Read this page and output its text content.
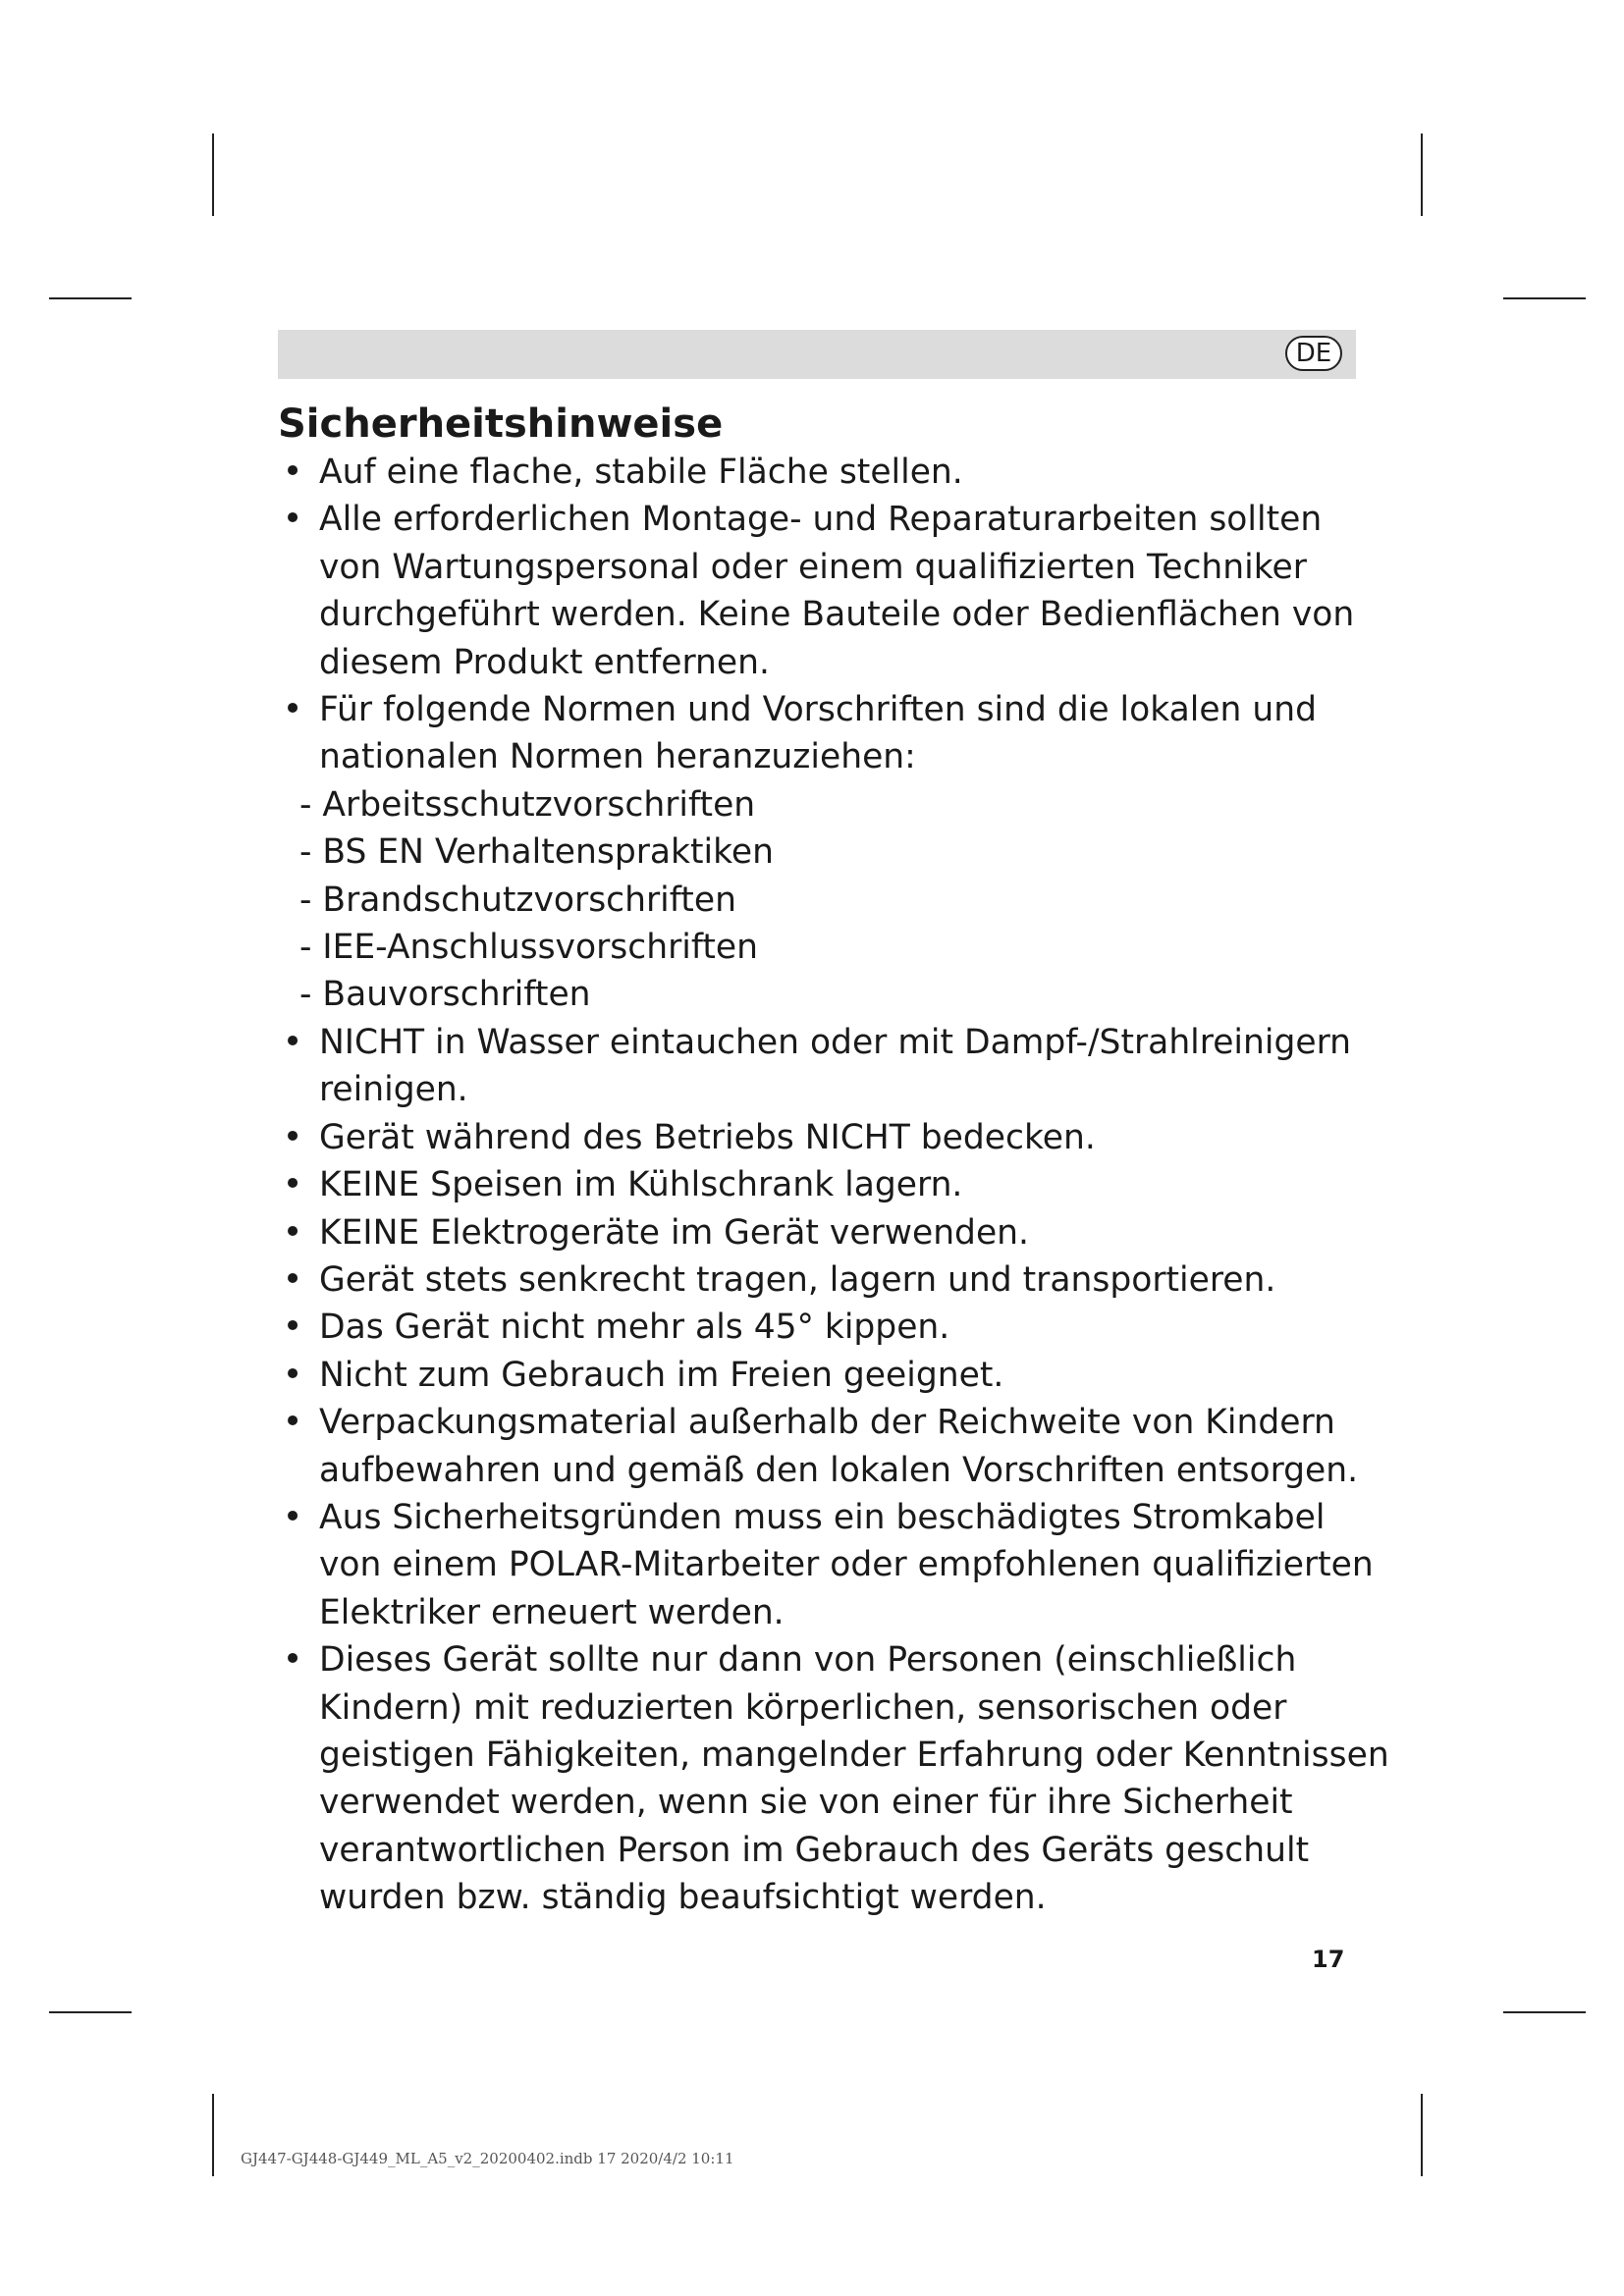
DE
Sicherheitshinweise
• Auf eine flache, stabile Fläche stellen.
• Alle erforderlichen Montage- und Reparaturarbeiten sollten
von Wartungspersonal oder einem qualifizierten Techniker
durchgeführt werden. Keine Bauteile oder Bedienflächen von
diesem Produkt entfernen.
• Für folgende Normen und Vorschriften sind die lokalen und
nationalen Normen heranzuziehen:
- Arbeitsschutzvorschriften
- BS EN Verhaltenspraktiken
- Brandschutzvorschriften
- IEE-Anschlussvorschriften
- Bauvorschriften
• NICHT in Wasser eintauchen oder mit Dampf-/Strahlreinigern
reinigen.
• Gerät während des Betriebs NICHT bedecken.
• KEINE Speisen im Kühlschrank lagern.
• KEINE Elektrogeräte im Gerät verwenden.
• Gerät stets senkrecht tragen, lagern und transportieren.
• Das Gerät nicht mehr als 45° kippen.
• Nicht zum Gebrauch im Freien geeignet.
• Verpackungsmaterial außerhalb der Reichweite von Kindern
aufbewahren und gemäß den lokalen Vorschriften entsorgen.
• Aus Sicherheitsgründen muss ein beschädigtes Stromkabel
von einem POLAR-Mitarbeiter oder empfohlenen qualifizierten
Elektriker erneuert werden.
• Dieses Gerät sollte nur dann von Personen (einschließlich
Kindern) mit reduzierten körperlichen, sensorischen oder
geistigen Fähigkeiten, mangelnder Erfahrung oder Kenntnissen
verwendet werden, wenn sie von einer für ihre Sicherheit
verantwortlichen Person im Gebrauch des Geräts geschult
wurden bzw. ständig beaufsichtigt werden.
17
GJ447-GJ448-GJ449_ML_A5_v2_20200402.indb 17 2020/4/2 10:11
